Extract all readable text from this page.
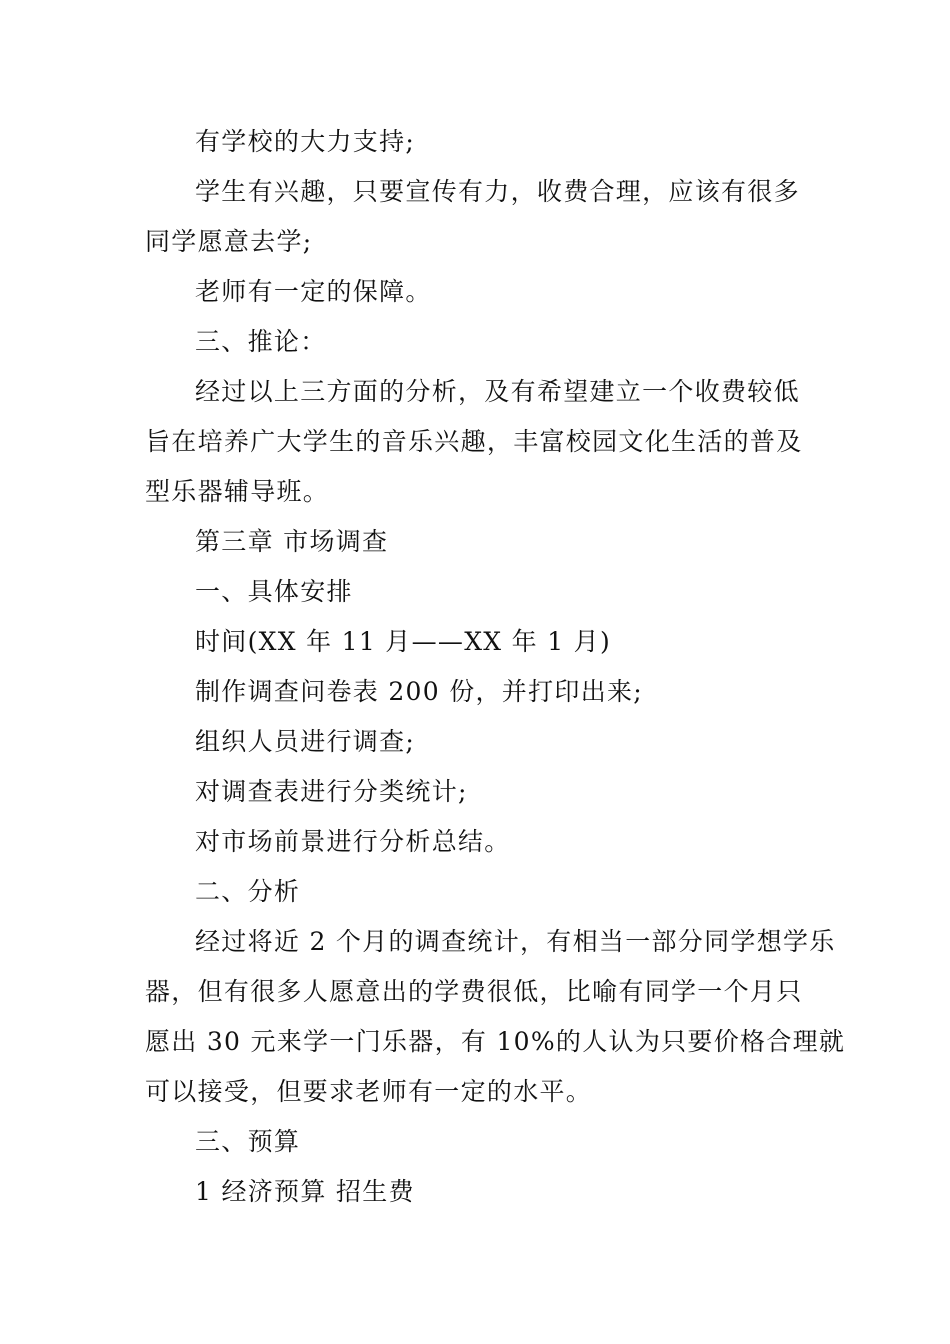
有学校的大力支持;
学生有兴趣，只要宣传有力，收费合理，应该有很多
同学愿意去学;
老师有一定的保障。
三、推论：
经过以上三方面的分析，及有希望建立一个收费较低
旨在培养广大学生的音乐兴趣，丰富校园文化生活的普及
型乐器辅导班。
第三章 市场调查
一、具体安排
时间(XX 年 11 月——XX 年 1 月)
制作调查问卷表 200 份，并打印出来;
组织人员进行调查;
对调查表进行分类统计;
对市场前景进行分析总结。
二、分析
经过将近 2 个月的调查统计，有相当一部分同学想学乐
器，但有很多人愿意出的学费很低，比喻有同学一个月只
愿出 30 元来学一门乐器，有 10%的人认为只要价格合理就
可以接受，但要求老师有一定的水平。
三、预算
1 经济预算 招生费
